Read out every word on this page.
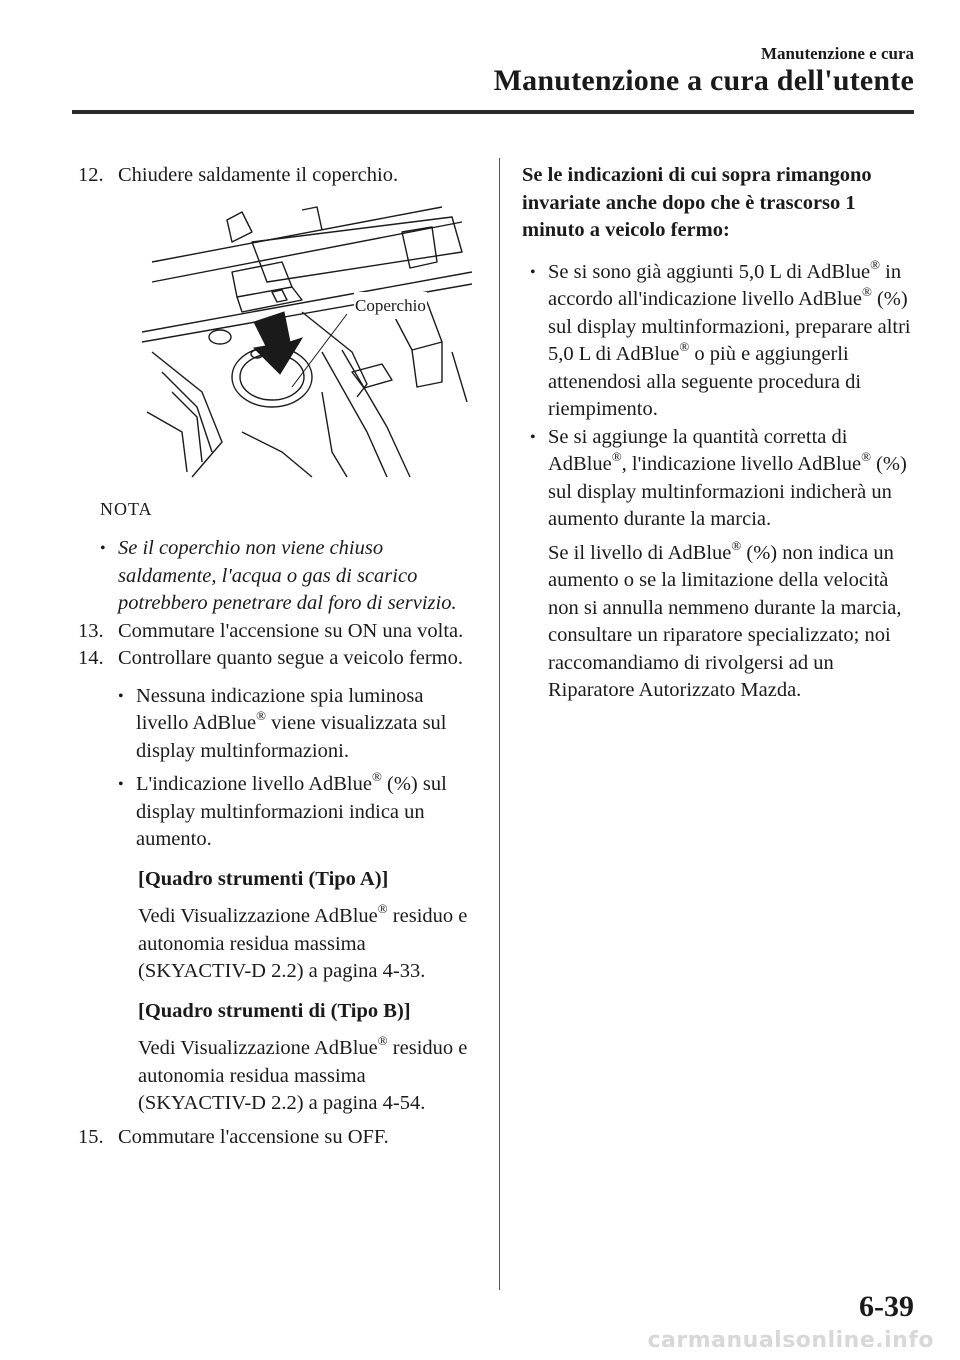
Manutenzione e cura
Manutenzione a cura dell'utente
12. Chiudere saldamente il coperchio.
Coperchio
NOTA
• Se il coperchio non viene chiuso saldamente, l'acqua o gas di scarico potrebbero penetrare dal foro di servizio.
13. Commutare l'accensione su ON una volta.
14. Controllare quanto segue a veicolo fermo.
• Nessuna indicazione spia luminosa livello AdBlue® viene visualizzata sul display multinformazioni.
• L'indicazione livello AdBlue® (%) sul display multinformazioni indica un aumento.
[Quadro strumenti (Tipo A)]
Vedi Visualizzazione AdBlue® residuo e autonomia residua massima (SKYACTIV-D 2.2) a pagina 4-33.
[Quadro strumenti di (Tipo B)]
Vedi Visualizzazione AdBlue® residuo e autonomia residua massima (SKYACTIV-D 2.2) a pagina 4-54.
15. Commutare l'accensione su OFF.
Se le indicazioni di cui sopra rimangono invariate anche dopo che è trascorso 1 minuto a veicolo fermo:
• Se si sono già aggiunti 5,0 L di AdBlue® in accordo all'indicazione livello AdBlue® (%) sul display multinformazioni, preparare altri 5,0 L di AdBlue® o più e aggiungerli attenendosi alla seguente procedura di riempimento.
• Se si aggiunge la quantità corretta di AdBlue®, l'indicazione livello AdBlue® (%) sul display multinformazioni indicherà un aumento durante la marcia.
Se il livello di AdBlue® (%) non indica un aumento o se la limitazione della velocità non si annulla nemmeno durante la marcia, consultare un riparatore specializzato; noi raccomandiamo di rivolgersi ad un Riparatore Autorizzato Mazda.
6-39
carmanualsonline.info
